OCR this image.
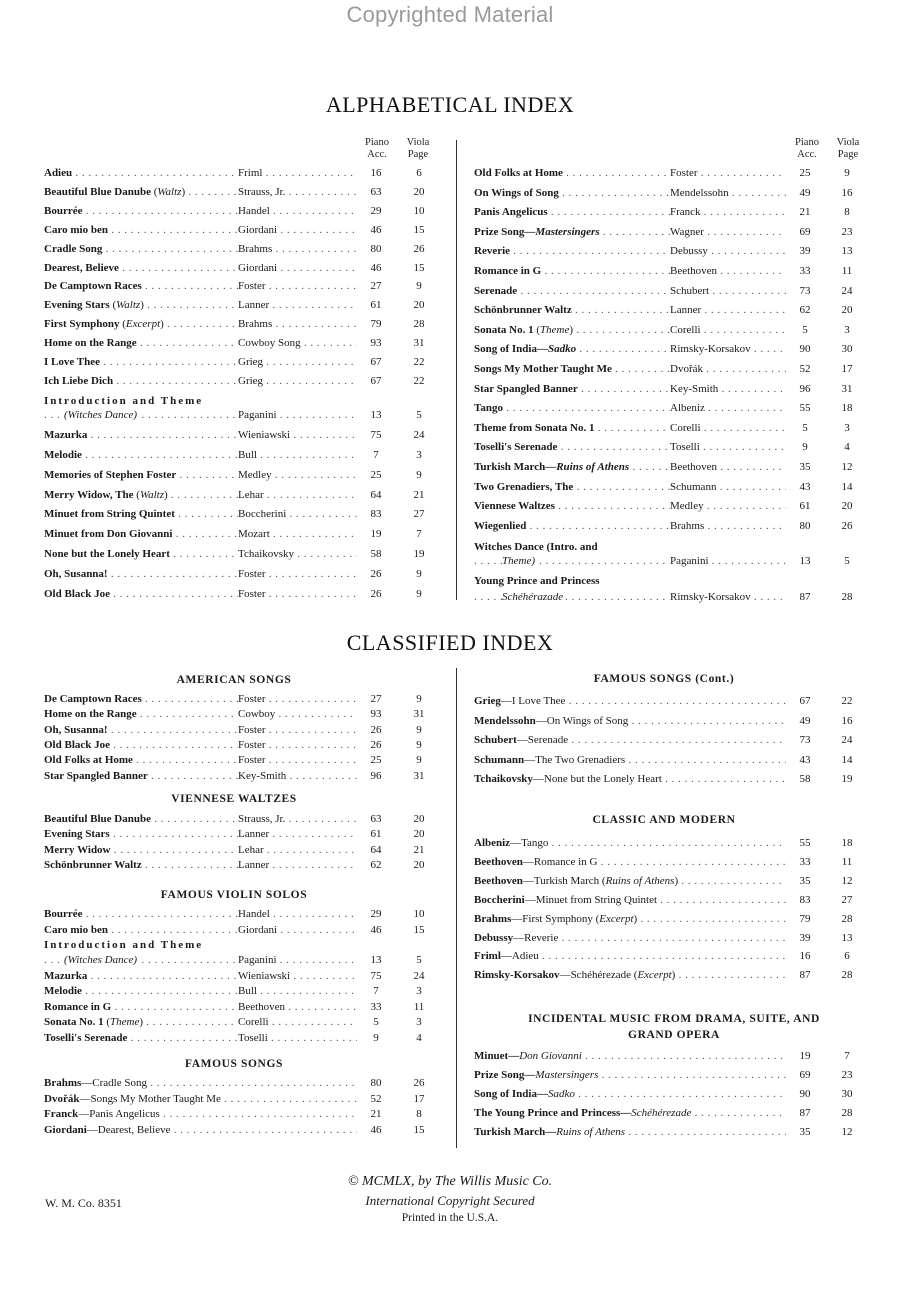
Copyrighted Material
ALPHABETICAL INDEX
Piano Acc.
Viola Page
Piano Acc.
Viola Page
Adieu . . .	Friml . . .	16	6
Beautiful Blue Danube (Waltz) . . .	Strauss, Jr. . . .	63	20
Bourrée . . .	Handel . . .	29	10
Caro mio ben . . .	Giordani . . .	46	15
Cradle Song . . .	Brahms . . .	80	26
Dearest, Believe . . .	Giordani . . .	46	15
De Camptown Races . . .	Foster . . .	27	9
Evening Stars (Waltz) . . .	Lanner . . .	61	20
First Symphony (Excerpt) . . .	Brahms . . .	79	28
Home on the Range . . .	Cowboy Song . . .	93	31
I Love Thee . . .	Grieg . . .	67	22
Ich Liebe Dich . . .	Grieg . . .	67	22
Introduction and Theme
(Witches Dance)
. . .	Paganini . . .	13	5
Mazurka . . .	Wieniawski . . .	75	24
Melodie . . .	Bull . . .	7	3
Memories of Stephen Foster . . .	Medley . . .	25	9
Merry Widow, The (Waltz) . . .	Lehar . . .	64	21
Minuet from String Quintet . . .	Boccherini . . .	83	27
Minuet from Don Giovanni . . .	Mozart . . .	19	7
None but the Lonely Heart . . .	Tchaikovsky . . .	58	19
Oh, Susanna! . . .	Foster . . .	26	9
Old Black Joe . . .	Foster . . .	26	9
Old Folks at Home . . .	Foster . . .	25	9
On Wings of Song . . .	Mendelssohn . . .	49	16
Panis Angelicus . . .	Franck . . .	21	8
Prize Song—Mastersingers . . .	Wagner . . .	69	23
Reverie . . .	Debussy . . .	39	13
Romance in G . . .	Beethoven . . .	33	11
Serenade . . .	Schubert . . .	73	24
Schönbrunner Waltz . . .	Lanner . . .	62	20
Sonata No. 1 (Theme) . . .	Corelli . . .	5	3
Song of India—Sadko . . .	Rimsky-Korsakov . . .	90	30
Songs My Mother Taught Me . . .	Dvořák . . .	52	17
Star Spangled Banner . . .	Key-Smith . . .	96	31
Tango . . .	Albeniz . . .	55	18
Theme from Sonata No. 1 . . .	Corelli . . .	5	3
Toselli's Serenade . . .	Toselli . . .	9	4
Turkish March—Ruins of Athens . . .	Beethoven . . .	35	12
Two Grenadiers, The . . .	Schumann . . .	43	14
Viennese Waltzes . . .	Medley . . .	61	20
Wiegenlied . . .	Brahms . . .	80	26
Witches Dance (Intro. and
Theme)
. . .	Paganini . . .	13	5
Young Prince and Princess
Schéhérazade
. . .	Rimsky-Korsakov . . .	87	28
CLASSIFIED INDEX
AMERICAN SONGS
De Camptown Races . . .	Foster . . .	27	9
Home on the Range . . .	Cowboy . . .	93	31
Oh, Susanna! . . .	Foster . . .	26	9
Old Black Joe . . .	Foster . . .	26	9
Old Folks at Home . . .	Foster . . .	25	9
Star Spangled Banner . . .	Key-Smith . . .	96	31
VIENNESE WALTZES
Beautiful Blue Danube . . .	Strauss, Jr. . . .	63	20
Evening Stars . . .	Lanner . . .	61	20
Merry Widow . . .	Lehar . . .	64	21
Schönbrunner Waltz . . .	Lanner . . .	62	20
FAMOUS VIOLIN SOLOS
Bourrée . . .	Handel . . .	29	10
Caro mio ben . . .	Giordani . . .	46	15
Introduction and Theme
(Witches Dance)
. . .	Paganini . . .	13	5
Mazurka . . .	Wieniawski . . .	75	24
Melodie . . .	Bull . . .	7	3
Romance in G . . .	Beethoven . . .	33	11
Sonata No. 1 (Theme) . . .	Corelli . . .	5	3
Toselli's Serenade . . .	Toselli . . .	9	4
FAMOUS SONGS
Brahms—Cradle Song . . .	80	26
Dvořák—Songs My Mother Taught Me . . .	52	17
Franck—Panis Angelicus . . .	21	8
Giordani—Dearest, Believe . . .	46	15
FAMOUS SONGS (Cont.)
Grieg—I Love Thee . . .	67	22
Mendelssohn—On Wings of Song . . .	49	16
Schubert—Serenade . . .	73	24
Schumann—The Two Grenadiers . . .	43	14
Tchaikovsky—None but the Lonely Heart . . .	58	19
CLASSIC AND MODERN
Albeniz—Tango . . .	55	18
Beethoven—Romance in G . . .	33	11
Beethoven—Turkish March (Ruins of Athens) . . .	35	12
Boccherini—Minuet from String Quintet . . .	83	27
Brahms—First Symphony (Excerpt) . . .	79	28
Debussy—Reverie . . .	39	13
Friml—Adieu . . .	16	6
Rimsky-Korsakov—Schéhérezade (Excerpt) . . .	87	28
INCIDENTAL MUSIC FROM DRAMA, SUITE, AND
GRAND OPERA
Minuet—Don Giovanni . . .	19	7
Prize Song—Mastersingers . . .	69	23
Song of India—Sadko . . .	90	30
The Young Prince and Princess—Schéhérezade . . .	87	28
Turkish March—Ruins of Athens . . .	35	12
W. M. Co. 8351
© MCMLX, by The Willis Music Co.
International Copyright Secured
Printed in the U.S.A.
